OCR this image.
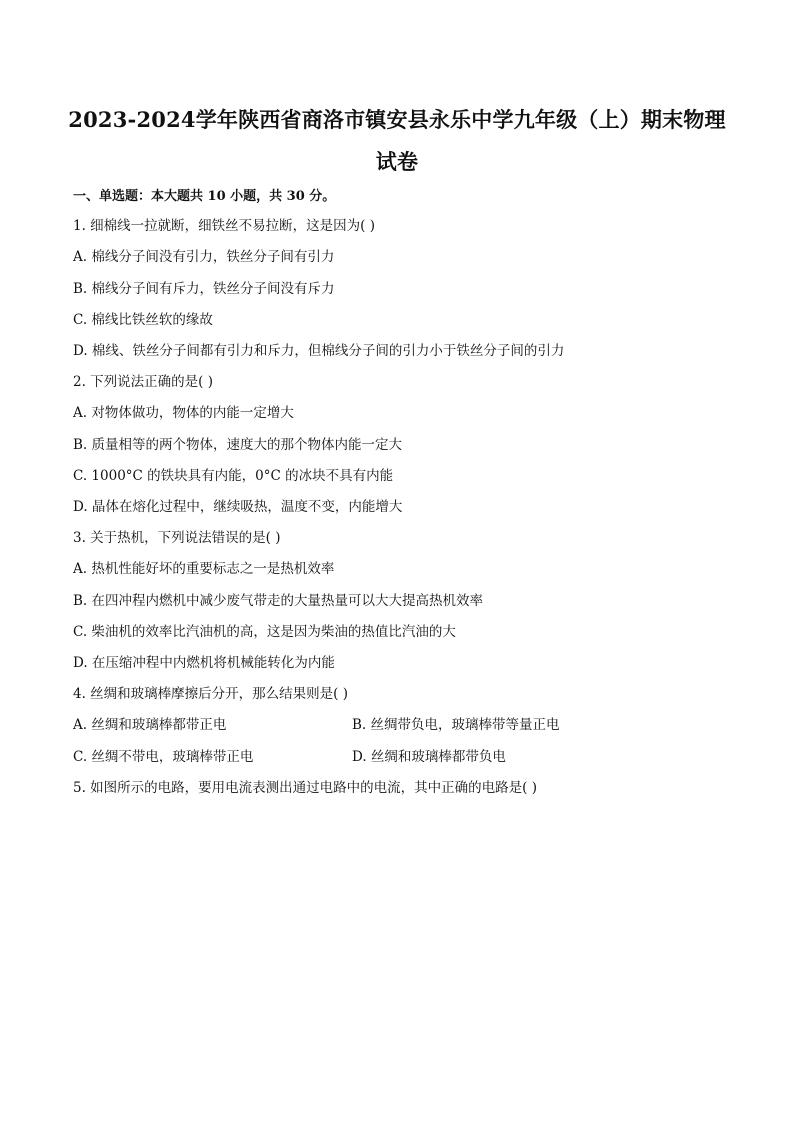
2023-2024学年陕西省商洛市镇安县永乐中学九年级（上）期末物理
试卷
一、单选题：本大题共 10 小题，共 30 分。
1. 细棉线一拉就断，细铁丝不易拉断，这是因为( )
A. 棉线分子间没有引力，铁丝分子间有引力
B. 棉线分子间有斥力，铁丝分子间没有斥力
C. 棉线比铁丝软的缘故
D. 棉线、铁丝分子间都有引力和斥力，但棉线分子间的引力小于铁丝分子间的引力
2. 下列说法正确的是( )
A. 对物体做功，物体的内能一定增大
B. 质量相等的两个物体，速度大的那个物体内能一定大
C. 1000°C 的铁块具有内能，0°C 的冰块不具有内能
D. 晶体在熔化过程中，继续吸热，温度不变，内能增大
3. 关于热机，下列说法错误的是( )
A. 热机性能好坏的重要标志之一是热机效率
B. 在四冲程内燃机中减少废气带走的大量热量可以大大提高热机效率
C. 柴油机的效率比汽油机的高，这是因为柴油的热值比汽油的大
D. 在压缩冲程中内燃机将机械能转化为内能
4. 丝绸和玻璃棒摩擦后分开，那么结果则是( )
A. 丝绸和玻璃棒都带正电	B. 丝绸带负电，玻璃棒带等量正电
C. 丝绸不带电，玻璃棒带正电	D. 丝绸和玻璃棒都带负电
5. 如图所示的电路，要用电流表测出通过电路中的电流，其中正确的电路是( )
